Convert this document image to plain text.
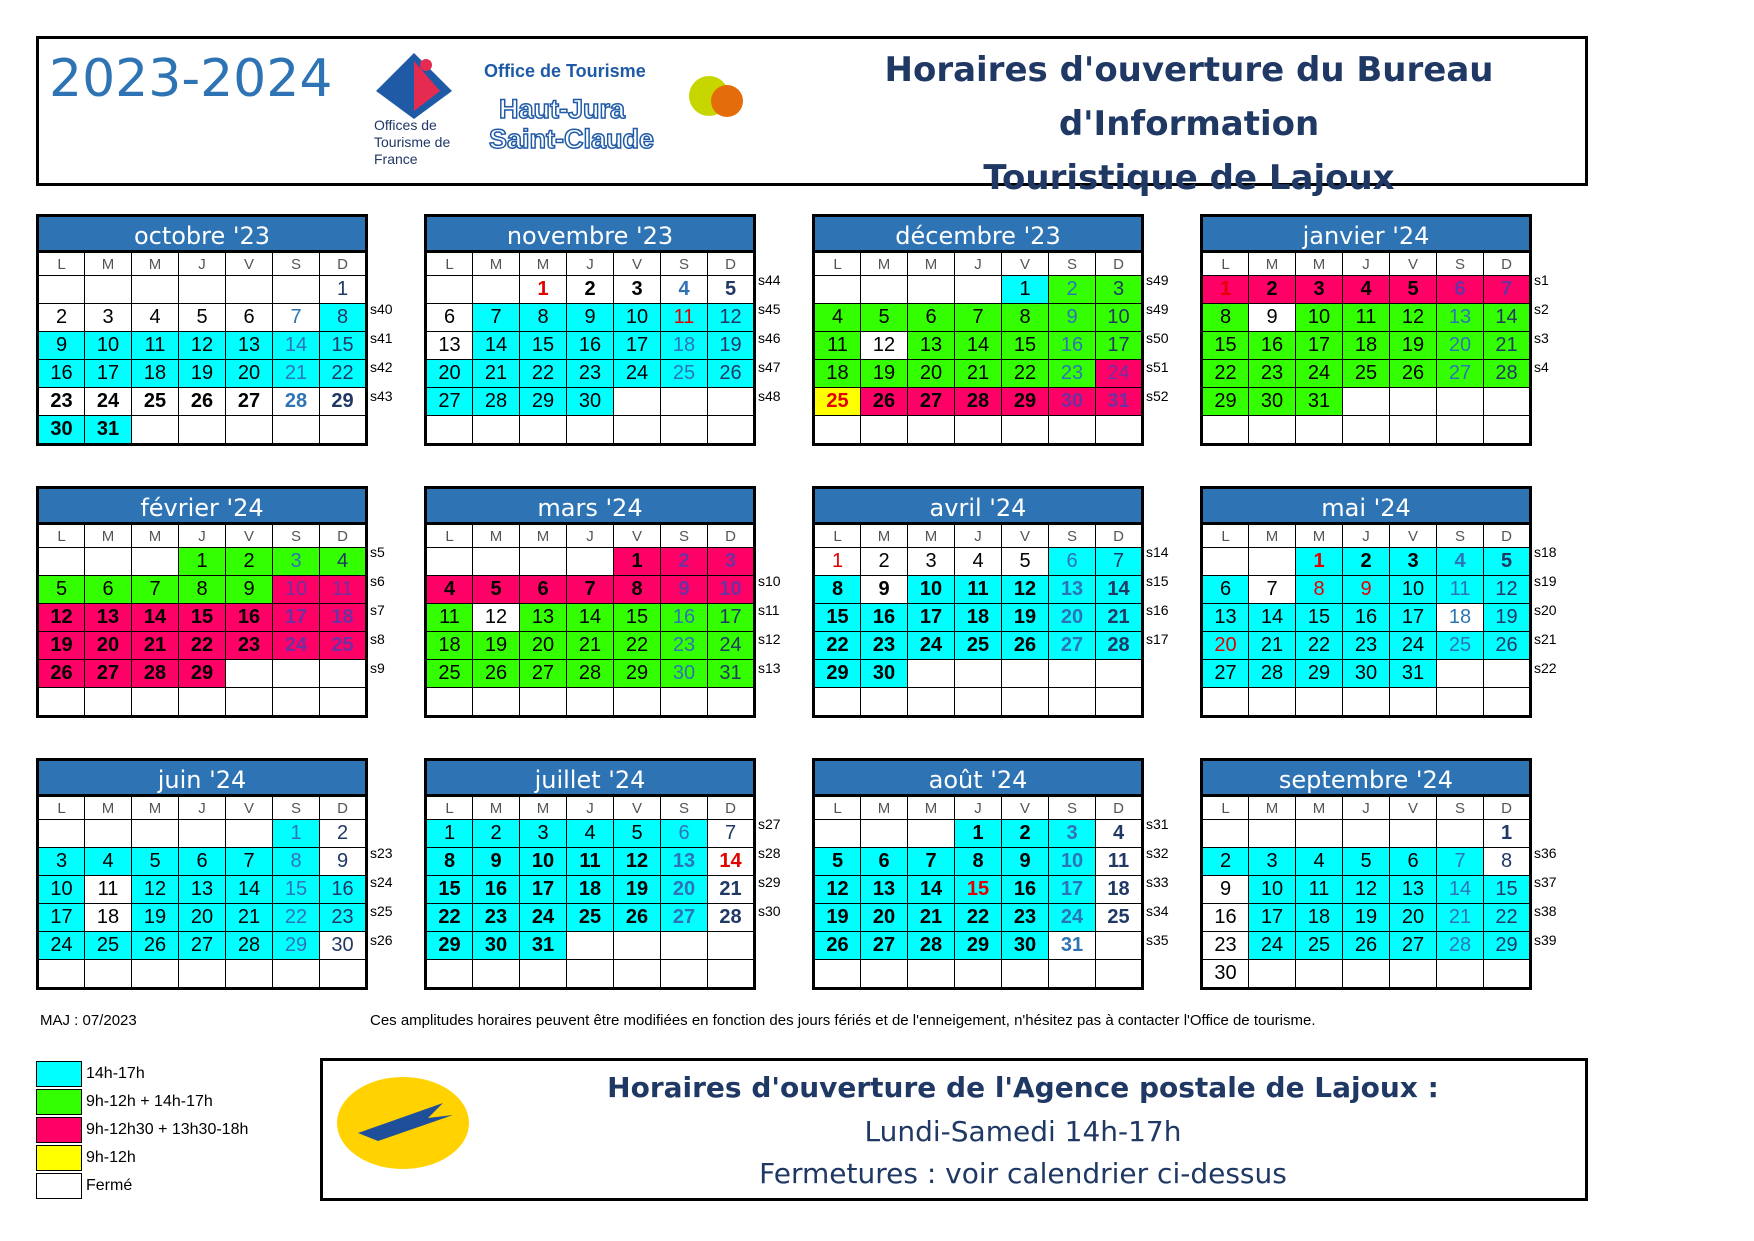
2023-2024
Offices de Tourisme de France
Office de Tourisme
Haut-Jura
Saint-Claude
Horaires d'ouverture du Bureau d'Information
Touristique de Lajoux
octobre '23
L	M	M	J	V	S	D
						1
2	3	4	5	6	7	8
9	10	11	12	13	14	15
16	17	18	19	20	21	22
23	24	25	26	27	28	29
30	31					
s40
s41
s42
s43
novembre '23
L	M	M	J	V	S	D
		1	2	3	4	5
6	7	8	9	10	11	12
13	14	15	16	17	18	19
20	21	22	23	24	25	26
27	28	29	30			

s44
s45
s46
s47
s48
décembre '23
L	M	M	J	V	S	D
				1	2	3
4	5	6	7	8	9	10
11	12	13	14	15	16	17
18	19	20	21	22	23	24
25	26	27	28	29	30	31

s49
s49
s50
s51
s52
janvier '24
L	M	M	J	V	S	D
1	2	3	4	5	6	7
8	9	10	11	12	13	14
15	16	17	18	19	20	21
22	23	24	25	26	27	28
29	30	31				

s1
s2
s3
s4
février '24
L	M	M	J	V	S	D
			1	2	3	4
5	6	7	8	9	10	11
12	13	14	15	16	17	18
19	20	21	22	23	24	25
26	27	28	29			

s5
s6
s7
s8
s9
mars '24
L	M	M	J	V	S	D
				1	2	3
4	5	6	7	8	9	10
11	12	13	14	15	16	17
18	19	20	21	22	23	24
25	26	27	28	29	30	31

s10
s11
s12
s13
avril '24
L	M	M	J	V	S	D
1	2	3	4	5	6	7
8	9	10	11	12	13	14
15	16	17	18	19	20	21
22	23	24	25	26	27	28
29	30					

s14
s15
s16
s17
mai '24
L	M	M	J	V	S	D
		1	2	3	4	5
6	7	8	9	10	11	12
13	14	15	16	17	18	19
20	21	22	23	24	25	26
27	28	29	30	31		

s18
s19
s20
s21
s22
juin '24
L	M	M	J	V	S	D
					1	2
3	4	5	6	7	8	9
10	11	12	13	14	15	16
17	18	19	20	21	22	23
24	25	26	27	28	29	30

s23
s24
s25
s26
juillet '24
L	M	M	J	V	S	D
1	2	3	4	5	6	7
8	9	10	11	12	13	14
15	16	17	18	19	20	21
22	23	24	25	26	27	28
29	30	31				

s27
s28
s29
s30
août '24
L	M	M	J	V	S	D
			1	2	3	4
5	6	7	8	9	10	11
12	13	14	15	16	17	18
19	20	21	22	23	24	25
26	27	28	29	30	31	

s31
s32
s33
s34
s35
septembre '24
L	M	M	J	V	S	D
						1
2	3	4	5	6	7	8
9	10	11	12	13	14	15
16	17	18	19	20	21	22
23	24	25	26	27	28	29
30						
s36
s37
s38
s39
MAJ : 07/2023	Ces amplitudes horaires peuvent être modifiées en fonction des jours fériés et de l'enneigement, n'hésitez pas à contacter l'Office de tourisme.
14h-17h
9h-12h + 14h-17h
9h-12h30 + 13h30-18h
9h-12h
Fermé
Horaires d'ouverture de l'Agence postale de Lajoux :
Lundi-Samedi 14h-17h
Fermetures : voir calendrier ci-dessus
